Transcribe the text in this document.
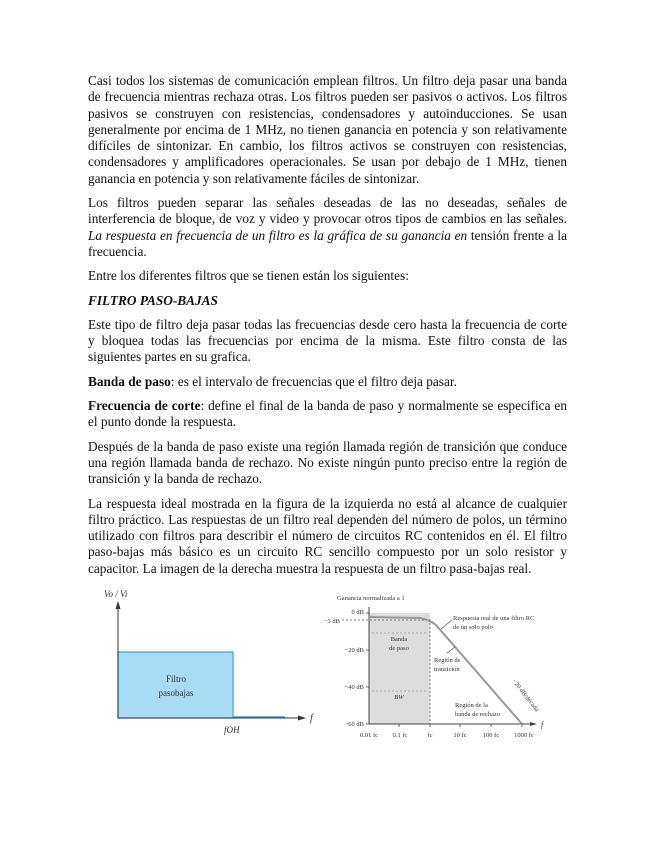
Casi todos los sistemas de comunicación emplean filtros. Un filtro deja pasar una banda de frecuencia mientras rechaza otras. Los filtros pueden ser pasivos o activos. Los filtros pasivos se construyen con resistencias, condensadores y autoinducciones. Se usan generalmente por encima de 1 MHz, no tienen ganancia en potencia y son relativamente difíciles de sintonizar. En cambio, los filtros activos se construyen con resistencias, condensadores y amplificadores operacionales. Se usan por debajo de 1 MHz, tienen ganancia en potencia y son relativamente fáciles de sintonizar.

Los filtros pueden separar las señales deseadas de las no deseadas, señales de interferencia de bloque, de voz y video y provocar otros tipos de cambios en las señales. La respuesta en frecuencia de un filtro es la gráfica de su ganancia en tensión frente a la frecuencia.

Entre los diferentes filtros que se tienen están los siguientes:

FILTRO PASO-BAJAS

Este tipo de filtro deja pasar todas las frecuencias desde cero hasta la frecuencia de corte y bloquea todas las frecuencias por encima de la misma. Este filtro consta de las siguientes partes en su grafica.

Banda de paso: es el intervalo de frecuencias que el filtro deja pasar.

Frecuencia de corte: define el final de la banda de paso y normalmente se especifica en el punto donde la respuesta.

Después de la banda de paso existe una región llamada región de transición que conduce una región llamada banda de rechazo. No existe ningún punto preciso entre la región de transición y la banda de rechazo.

La respuesta ideal mostrada en la figura de la izquierda no está al alcance de cualquier filtro práctico. Las respuestas de un filtro real dependen del número de polos, un término utilizado con filtros para describir el número de circuitos RC contenidos en él. El filtro paso-bajas más básico es un circuito RC sencillo compuesto por un solo resistor y capacitor. La imagen de la derecha muestra la respuesta de un filtro pasa-bajas real.

Vo / Vi
f
Filtro
pasobajas
fOH
Ganancia normalizada a 1
0 dB
−3 dB
−20 dB
−40 dB
−60 dB
0.01 fc 0.1 fc	fc	10 fc 100 fc 1000 fc
f
Banda
de paso
BW
Respuesta real de una filtro RC
de un solo polo
Región de
transición
−20 dB/década
Región de la
banda de rechazo
